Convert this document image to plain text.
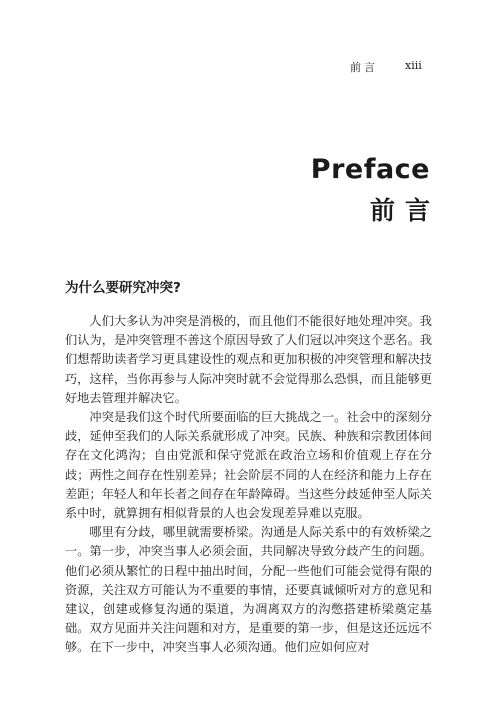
前言 xiii
Preface
前言
为什么要研究冲突?

人们大多认为冲突是消极的，而且他们不能很好地处理冲突。我们认为，是冲突管理不善这个原因导致了人们冠以冲突这个恶名。我们想帮助读者学习更具建设性的观点和更加积极的冲突管理和解决技巧，这样，当你再参与人际冲突时就不会觉得那么恐惧，而且能够更好地去管理并解决它。

冲突是我们这个时代所要面临的巨大挑战之一。社会中的深刻分歧，延伸至我们的人际关系就形成了冲突。民族、种族和宗教团体间存在文化鸿沟；自由党派和保守党派在政治立场和价值观上存在分歧；两性之间存在性别差异；社会阶层不同的人在经济和能力上存在差距；年轻人和年长者之间存在年龄障碍。当这些分歧延伸至人际关系中时，就算拥有相似背景的人也会发现差异难以克服。

哪里有分歧，哪里就需要桥梁。沟通是人际关系中的有效桥梁之一。第一步，冲突当事人必须会面，共同解决导致分歧产生的问题。他们必须从繁忙的日程中抽出时间，分配一些他们可能会觉得有限的资源，关注双方可能认为不重要的事情，还要真诚倾听对方的意见和建议，创建或修复沟通的渠道，为凋离双方的沟憋搭建桥梁奠定基础。双方见面并关注问题和对方，是重要的第一步，但是这还远远不够。在下一步中，冲突当事人必须沟通。他们应如何应对
